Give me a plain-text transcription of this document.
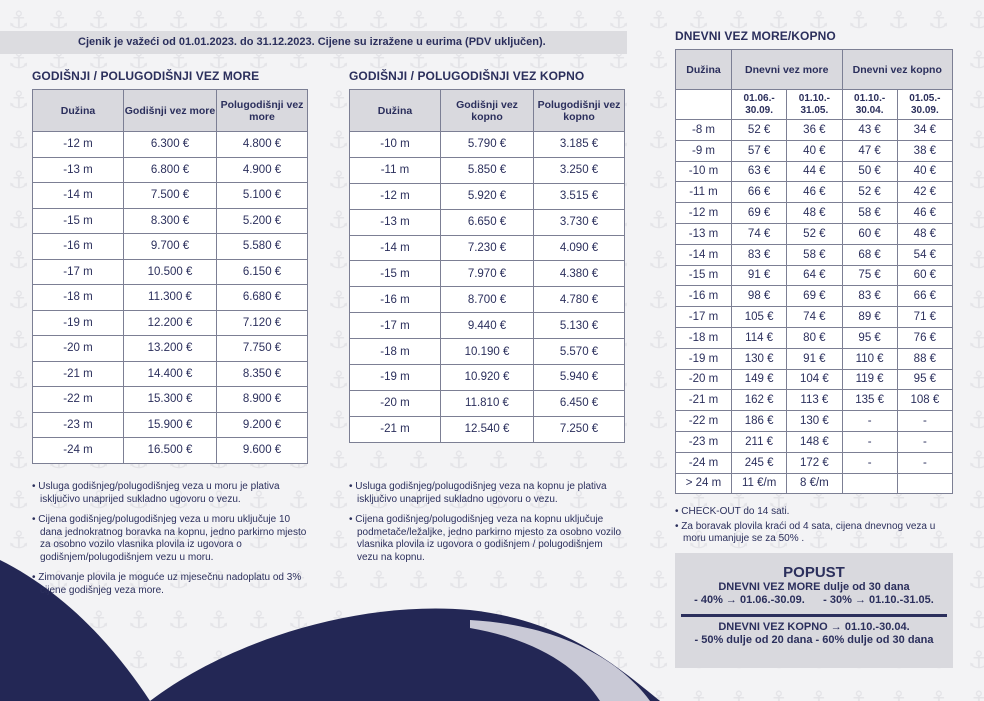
Cjenik je važeći od 01.01.2023. do 31.12.2023. Cijene su izražene u eurima (PDV uključen).
GODIŠNJI / POLUGODIŠNJI VEZ MORE
Dužina	Godišnji vez more	Polugodišnji vez more
-12 m	6.300 €	4.800 €
-13 m	6.800 €	4.900 €
-14 m	7.500 €	5.100 €
-15 m	8.300 €	5.200 €
-16 m	9.700 €	5.580 €
-17 m	10.500 €	6.150 €
-18 m	11.300 €	6.680 €
-19 m	12.200 €	7.120 €
-20 m	13.200 €	7.750 €
-21 m	14.400 €	8.350 €
-22 m	15.300 €	8.900 €
-23 m	15.900 €	9.200 €
-24 m	16.500 €	9.600 €

• Usluga godišnjeg/polugodišnjeg veza u moru je plativa isključivo unaprijed sukladno ugovoru o vezu.

• Cijena godišnjeg/polugodišnjeg veza u moru uključuje 10 dana jednokratnog boravka na kopnu, jedno parkirno mjesto za osobno vozilo vlasnika plovila iz ugovora o godišnjem/polugodišnjem vezu u moru.

• Zimovanje plovila je moguće uz mjesečnu nadoplatu od 3% cijene godišnjeg veza more.

GODIŠNJI / POLUGODIŠNJI VEZ KOPNO
Dužina	Godišnji vez kopno	Polugodišnji vez kopno
-10 m	5.790 €	3.185 €
-11 m	5.850 €	3.250 €
-12 m	5.920 €	3.515 €
-13 m	6.650 €	3.730 €
-14 m	7.230 €	4.090 €
-15 m	7.970 €	4.380 €
-16 m	8.700 €	4.780 €
-17 m	9.440 €	5.130 €
-18 m	10.190 €	5.570 €
-19 m	10.920 €	5.940 €
-20 m	11.810 €	6.450 €
-21 m	12.540 €	7.250 €

• Usluga godišnjeg/polugodišnjeg veza na kopnu je plativa isključivo unaprijed sukladno ugovoru o vezu.

• Cijena godišnjeg/polugodišnjeg veza na kopnu uključuje podmetače/ležaljke, jedno parkirno mjesto za osobno vozilo vlasnika plovila iz ugovora o godišnjem / polugodišnjem vezu na kopnu.

DNEVNI VEZ MORE/KOPNO
Dužina	Dnevni vez more		Dnevni vez kopno	
	01.06.- 30.09.	01.10.- 31.05.	01.10.- 30.04.	01.05.- 30.09.
-8 m	52 €	36 €	43 €	34 €
-9 m	57 €	40 €	47 €	38 €
-10 m	63 €	44 €	50 €	40 €
-11 m	66 €	46 €	52 €	42 €
-12 m	69 €	48 €	58 €	46 €
-13 m	74 €	52 €	60 €	48 €
-14 m	83 €	58 €	68 €	54 €
-15 m	91 €	64 €	75 €	60 €
-16 m	98 €	69 €	83 €	66 €
-17 m	105 €	74 €	89 €	71 €
-18 m	114 €	80 €	95 €	76 €
-19 m	130 €	91 €	110 €	88 €
-20 m	149 €	104 €	119 €	95 €
-21 m	162 €	113 €	135 €	108 €
-22 m	186 €	130 €	-	-
-23 m	211 €	148 €	-	-
-24 m	245 €	172 €	-	-
> 24 m	11 €/m	8 €/m		

• CHECK-OUT do 14 sati.

• Za boravak plovila kraći od 4 sata, cijena dnevnog veza u moru umanjuje se za 50% .

POPUST
DNEVNI VEZ MORE dulje od 30 dana
- 40% → 01.06.-30.09.      - 30% → 01.10.-31.05.
DNEVNI VEZ KOPNO → 01.10.-30.04.
- 50% dulje od 20 dana - 60% dulje od 30 dana
